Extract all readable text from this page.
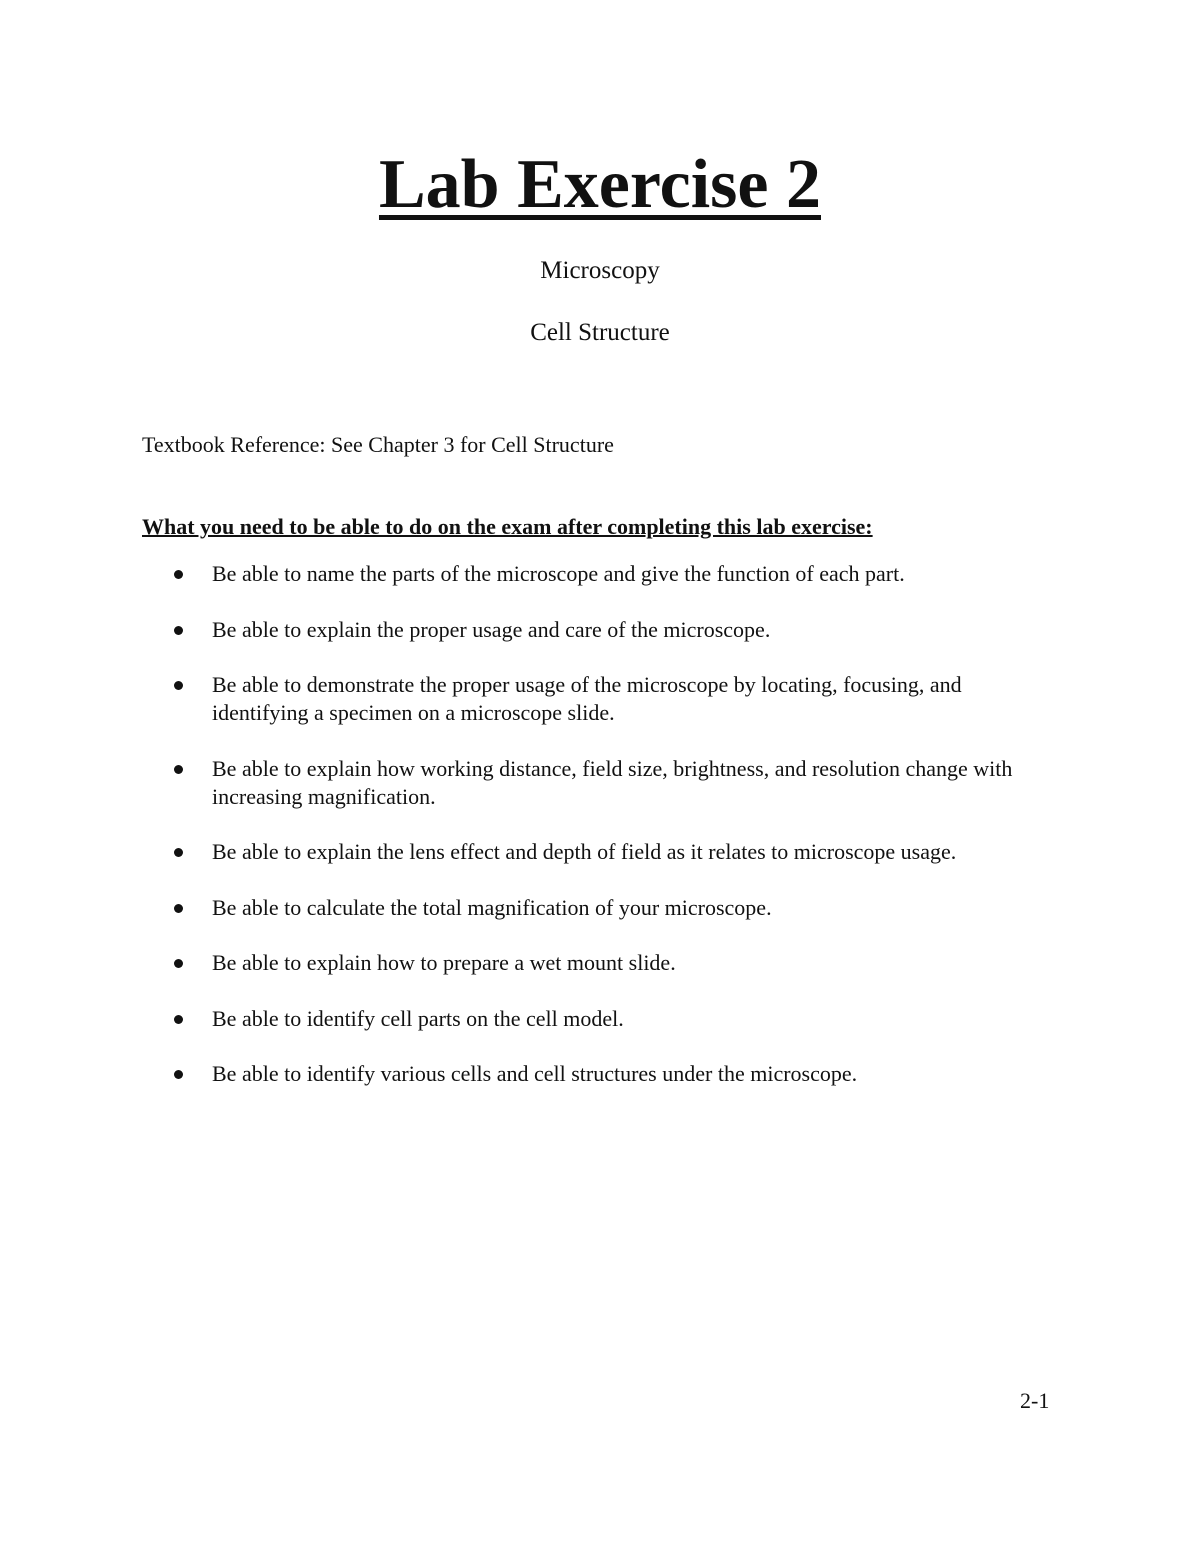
Lab Exercise 2
Microscopy
Cell Structure
Textbook Reference: See Chapter 3 for Cell Structure
What you need to be able to do on the exam after completing this lab exercise:
Be able to name the parts of the microscope and give the function of each part.
Be able to explain the proper usage and care of the microscope.
Be able to demonstrate the proper usage of the microscope by locating, focusing, and identifying a specimen on a microscope slide.
Be able to explain how working distance, field size, brightness, and resolution change with increasing magnification.
Be able to explain the lens effect and depth of field as it relates to microscope usage.
Be able to calculate the total magnification of your microscope.
Be able to explain how to prepare a wet mount slide.
Be able to identify cell parts on the cell model.
Be able to identify various cells and cell structures under the microscope.
2-1
